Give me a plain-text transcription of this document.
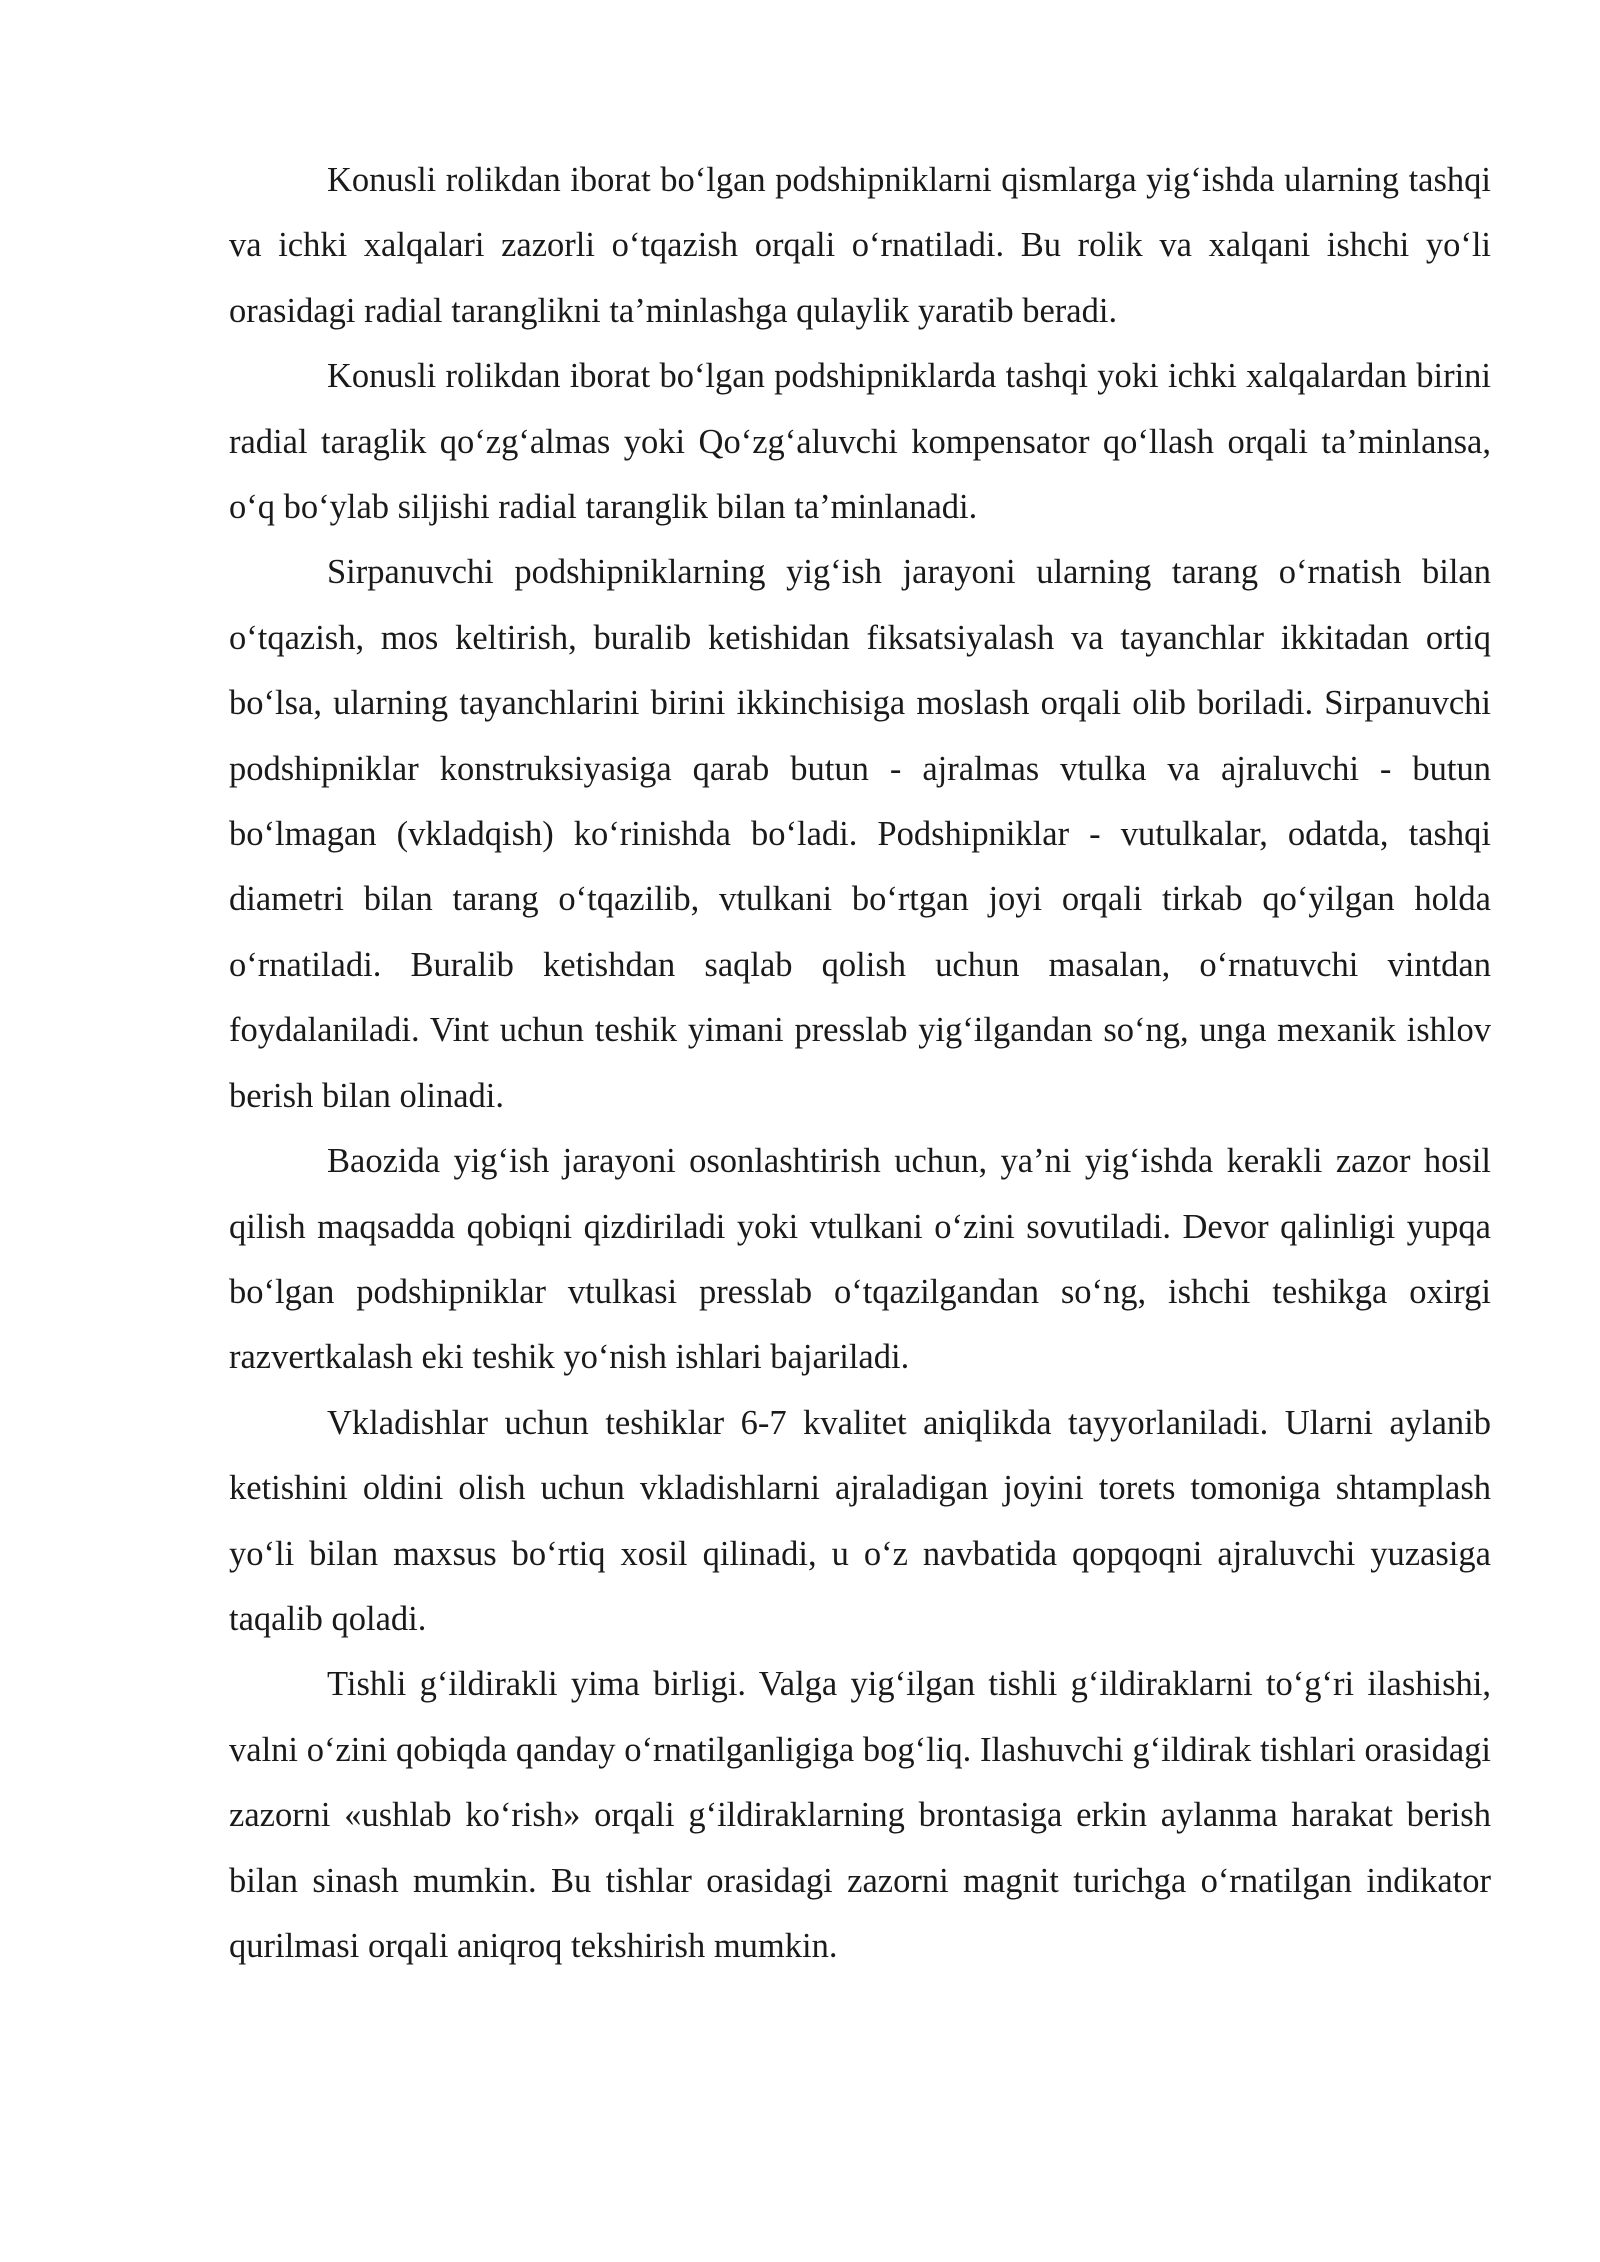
Konusli rolikdan iborat bo‘lgan podshipniklarni qismlarga yig‘ishda ularning tashqi va ichki xalqalari zazorli o‘tqazish orqali o‘rnatiladi. Bu rolik va xalqani ishchi yo‘li orasidagi radial taranglikni ta’minlashga qulaylik yaratib beradi.

Konusli rolikdan iborat bo‘lgan podshipniklarda tashqi yoki ichki xalqalardan birini radial taraglik qo‘zg‘almas yoki Qo‘zg‘aluvchi kompensator qo‘llash orqali ta’minlansa, o‘q bo‘ylab siljishi radial taranglik bilan ta’minlanadi.

Sirpanuvchi podshipniklarning yig‘ish jarayoni ularning tarang o‘rnatish bilan o‘tqazish, mos keltirish, buralib ketishidan fiksatsiyalash va tayanchlar ikkitadan ortiq bo‘lsa, ularning tayanchlarini birini ikkinchisiga moslash orqali olib boriladi. Sirpanuvchi podshipniklar konstruksiyasiga qarab butun - ajralmas vtulka va ajraluvchi - butun bo‘lmagan (vkladqish) ko‘rinishda bo‘ladi. Podshipniklar - vutulkalar, odatda, tashqi diametri bilan tarang o‘tqazilib, vtulkani bo‘rtgan joyi orqali tirkab qo‘yilgan holda o‘rnatiladi. Buralib ketishdan saqlab qolish uchun masalan, o‘rnatuvchi vintdan foydalaniladi. Vint uchun teshik yimani presslab yig‘ilgandan so‘ng, unga mexanik ishlov berish bilan olinadi.

Baozida yig‘ish jarayoni osonlashtirish uchun, ya’ni yig‘ishda kerakli zazor hosil qilish maqsadda qobiqni qizdiriladi yoki vtulkani o‘zini sovutiladi. Devor qalinligi yupqa bo‘lgan podshipniklar vtulkasi presslab o‘tqazilgandan so‘ng, ishchi teshikga oxirgi razvertkalash eki teshik yo‘nish ishlari bajariladi.

Vkladishlar uchun teshiklar 6-7 kvalitet aniqlikda tayyorlaniladi. Ularni aylanib ketishini oldini olish uchun vkladishlarni ajraladigan joyini torets tomoniga shtamplash yo‘li bilan maxsus bo‘rtiq xosil qilinadi, u o‘z navbatida qopqoqni ajraluvchi yuzasiga taqalib qoladi.

Tishli g‘ildirakli yima birligi. Valga yig‘ilgan tishli g‘ildiraklarni to‘g‘ri ilashishi, valni o‘zini qobiqda qanday o‘rnatilganligiga bog‘liq. Ilashuvchi g‘ildirak tishlari orasidagi zazorni «ushlab ko‘rish» orqali g‘ildiraklarning brontasiga erkin aylanma harakat berish bilan sinash mumkin. Bu tishlar orasidagi zazorni magnit turichga o‘rnatilgan indikator qurilmasi orqali aniqroq tekshirish mumkin.
